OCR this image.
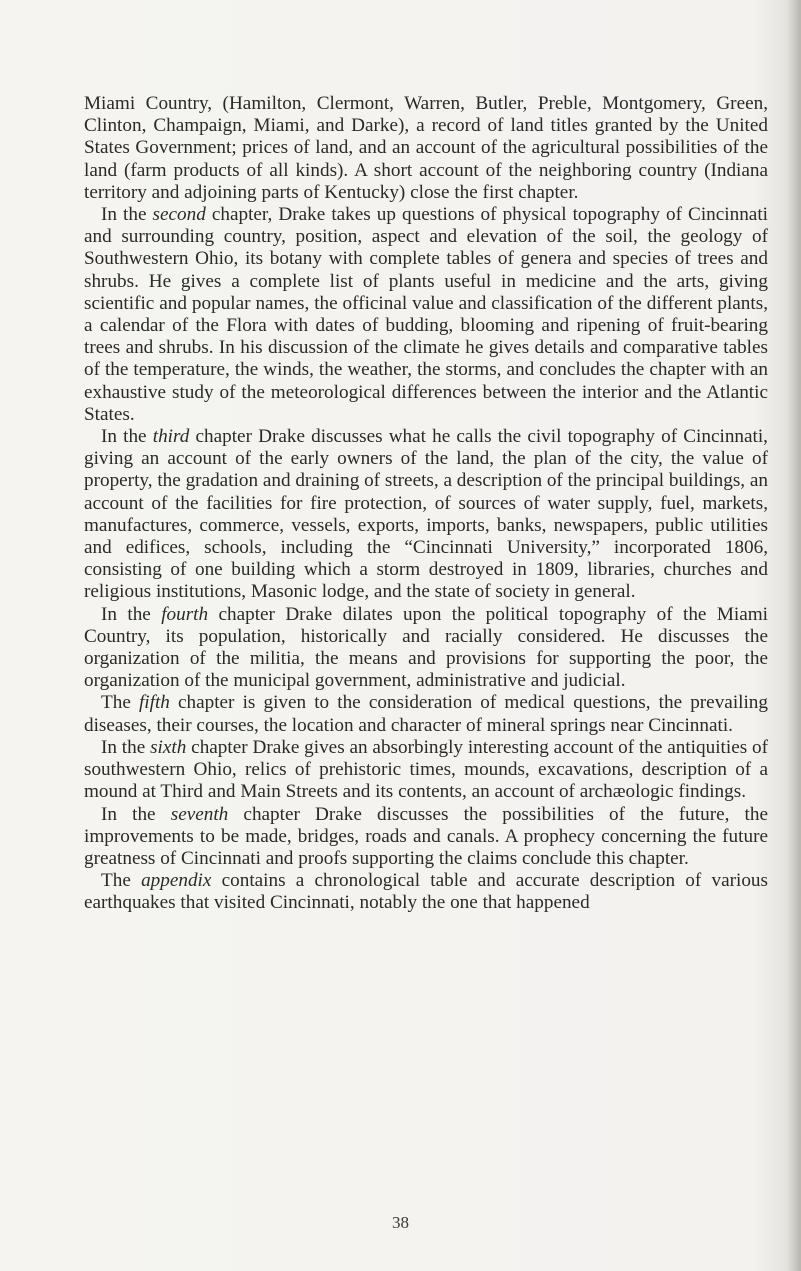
Miami Country, (Hamilton, Clermont, Warren, Butler, Preble, Montgomery, Green, Clinton, Champaign, Miami, and Darke), a record of land titles granted by the United States Government; prices of land, and an account of the agricultural possibilities of the land (farm products of all kinds). A short account of the neighboring country (Indiana territory and adjoining parts of Kentucky) close the first chapter.

In the second chapter, Drake takes up questions of physical topography of Cincinnati and surrounding country, position, aspect and elevation of the soil, the geology of Southwestern Ohio, its botany with complete tables of genera and species of trees and shrubs. He gives a complete list of plants useful in medicine and the arts, giving scientific and popular names, the officinal value and classification of the different plants, a calendar of the Flora with dates of budding, blooming and ripening of fruit-bearing trees and shrubs. In his discussion of the climate he gives details and comparative tables of the temperature, the winds, the weather, the storms, and concludes the chapter with an exhaustive study of the meteorological differences between the interior and the Atlantic States.

In the third chapter Drake discusses what he calls the civil topography of Cincinnati, giving an account of the early owners of the land, the plan of the city, the value of property, the gradation and draining of streets, a description of the principal buildings, an account of the facilities for fire protection, of sources of water supply, fuel, markets, manufactures, commerce, vessels, exports, imports, banks, newspapers, public utilities and edifices, schools, including the “Cincinnati University,” incorporated 1806, consisting of one building which a storm destroyed in 1809, libraries, churches and religious institutions, Masonic lodge, and the state of society in general.

In the fourth chapter Drake dilates upon the political topography of the Miami Country, its population, historically and racially considered. He discusses the organization of the militia, the means and provisions for supporting the poor, the organization of the municipal government, administrative and judicial.

The fifth chapter is given to the consideration of medical questions, the prevailing diseases, their courses, the location and character of mineral springs near Cincinnati.

In the sixth chapter Drake gives an absorbingly interesting account of the antiquities of southwestern Ohio, relics of prehistoric times, mounds, excavations, description of a mound at Third and Main Streets and its contents, an account of archæologic findings.

In the seventh chapter Drake discusses the possibilities of the future, the improvements to be made, bridges, roads and canals. A prophecy concerning the future greatness of Cincinnati and proofs supporting the claims conclude this chapter.

The appendix contains a chronological table and accurate description of various earthquakes that visited Cincinnati, notably the one that happened

38
